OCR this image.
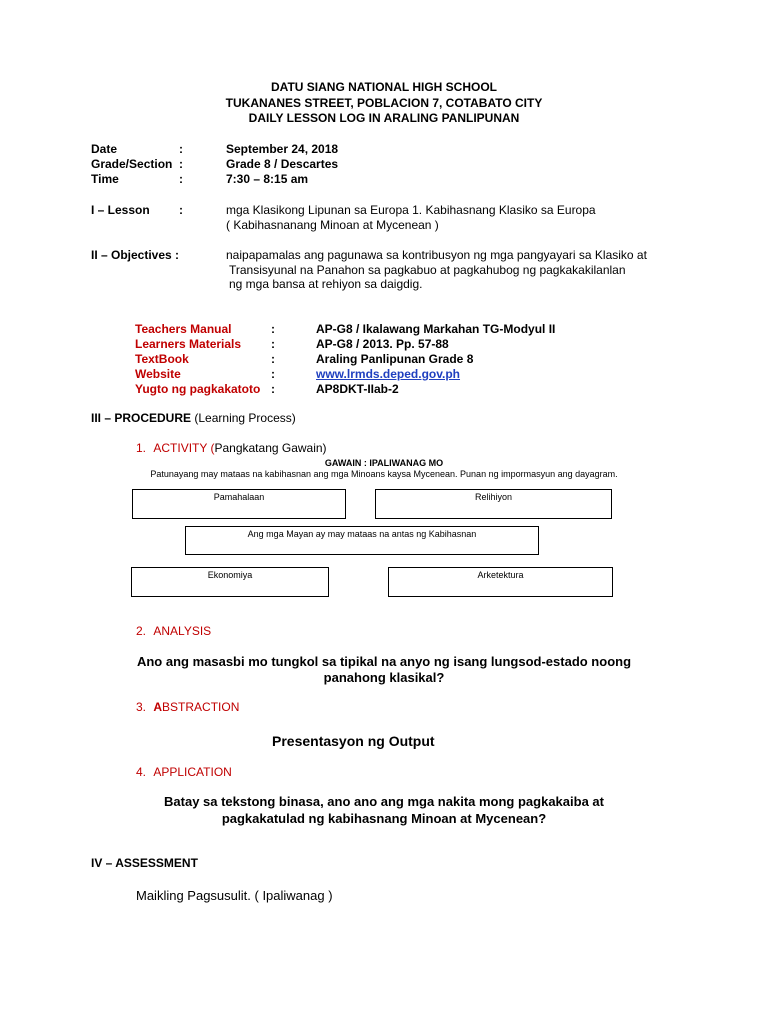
DATU SIANG NATIONAL HIGH SCHOOL
TUKANANES STREET, POBLACION 7, COTABATO CITY
DAILY LESSON LOG IN ARALING PANLIPUNAN
Date	:	September 24, 2018
Grade/Section :	Grade 8 / Descartes
Time	:	7:30 – 8:15 am
I – Lesson :	mga Klasikong Lipunan sa Europa 1. Kabihasnang Klasiko sa Europa
( Kabihasnanang Minoan at Mycenean )
II – Objectives :	naipapamalas ang pagunawa sa kontribusyon ng mga pangyayari sa Klasiko at
Transisyunal na Panahon sa pagkabuo at pagkahubog ng pagkakakilanlan
ng mga bansa at rehiyon sa daigdig.
Teachers Manual	:	AP-G8 / Ikalawang Markahan TG-Modyul II
Learners Materials :	AP-G8 / 2013. Pp. 57-88
TextBook	:	Araling Panlipunan Grade 8
Website	:	www.lrmds.deped.gov.ph
Yugto ng pagkakatoto :	AP8DKT-IIab-2
III – PROCEDURE (Learning Process)
1. ACTIVITY (Pangkatang Gawain)
GAWAIN : IPALIWANAG MO
Patunayang may mataas na kabihasnan ang mga Minoans kaysa Mycenean. Punan ng impormasyun ang dayagram.
Pamahalaan	Relihiyon
Ang mga Mayan ay may mataas na antas ng Kabihasnan
Ekonomiya	Arketektura
2. ANALYSIS
Ano ang masasbi mo tungkol sa tipikal na anyo ng isang lungsod-estado noong
panahong klasikal?
3. ABSTRACTION
Presentasyon ng Output
4. APPLICATION
Batay sa tekstong binasa, ano ano ang mga nakita mong pagkakaiba at
pagkakatulad ng kabihasnang Minoan at Mycenean?
IV – ASSESSMENT
Maikling Pagsusulit. ( Ipaliwanag )
